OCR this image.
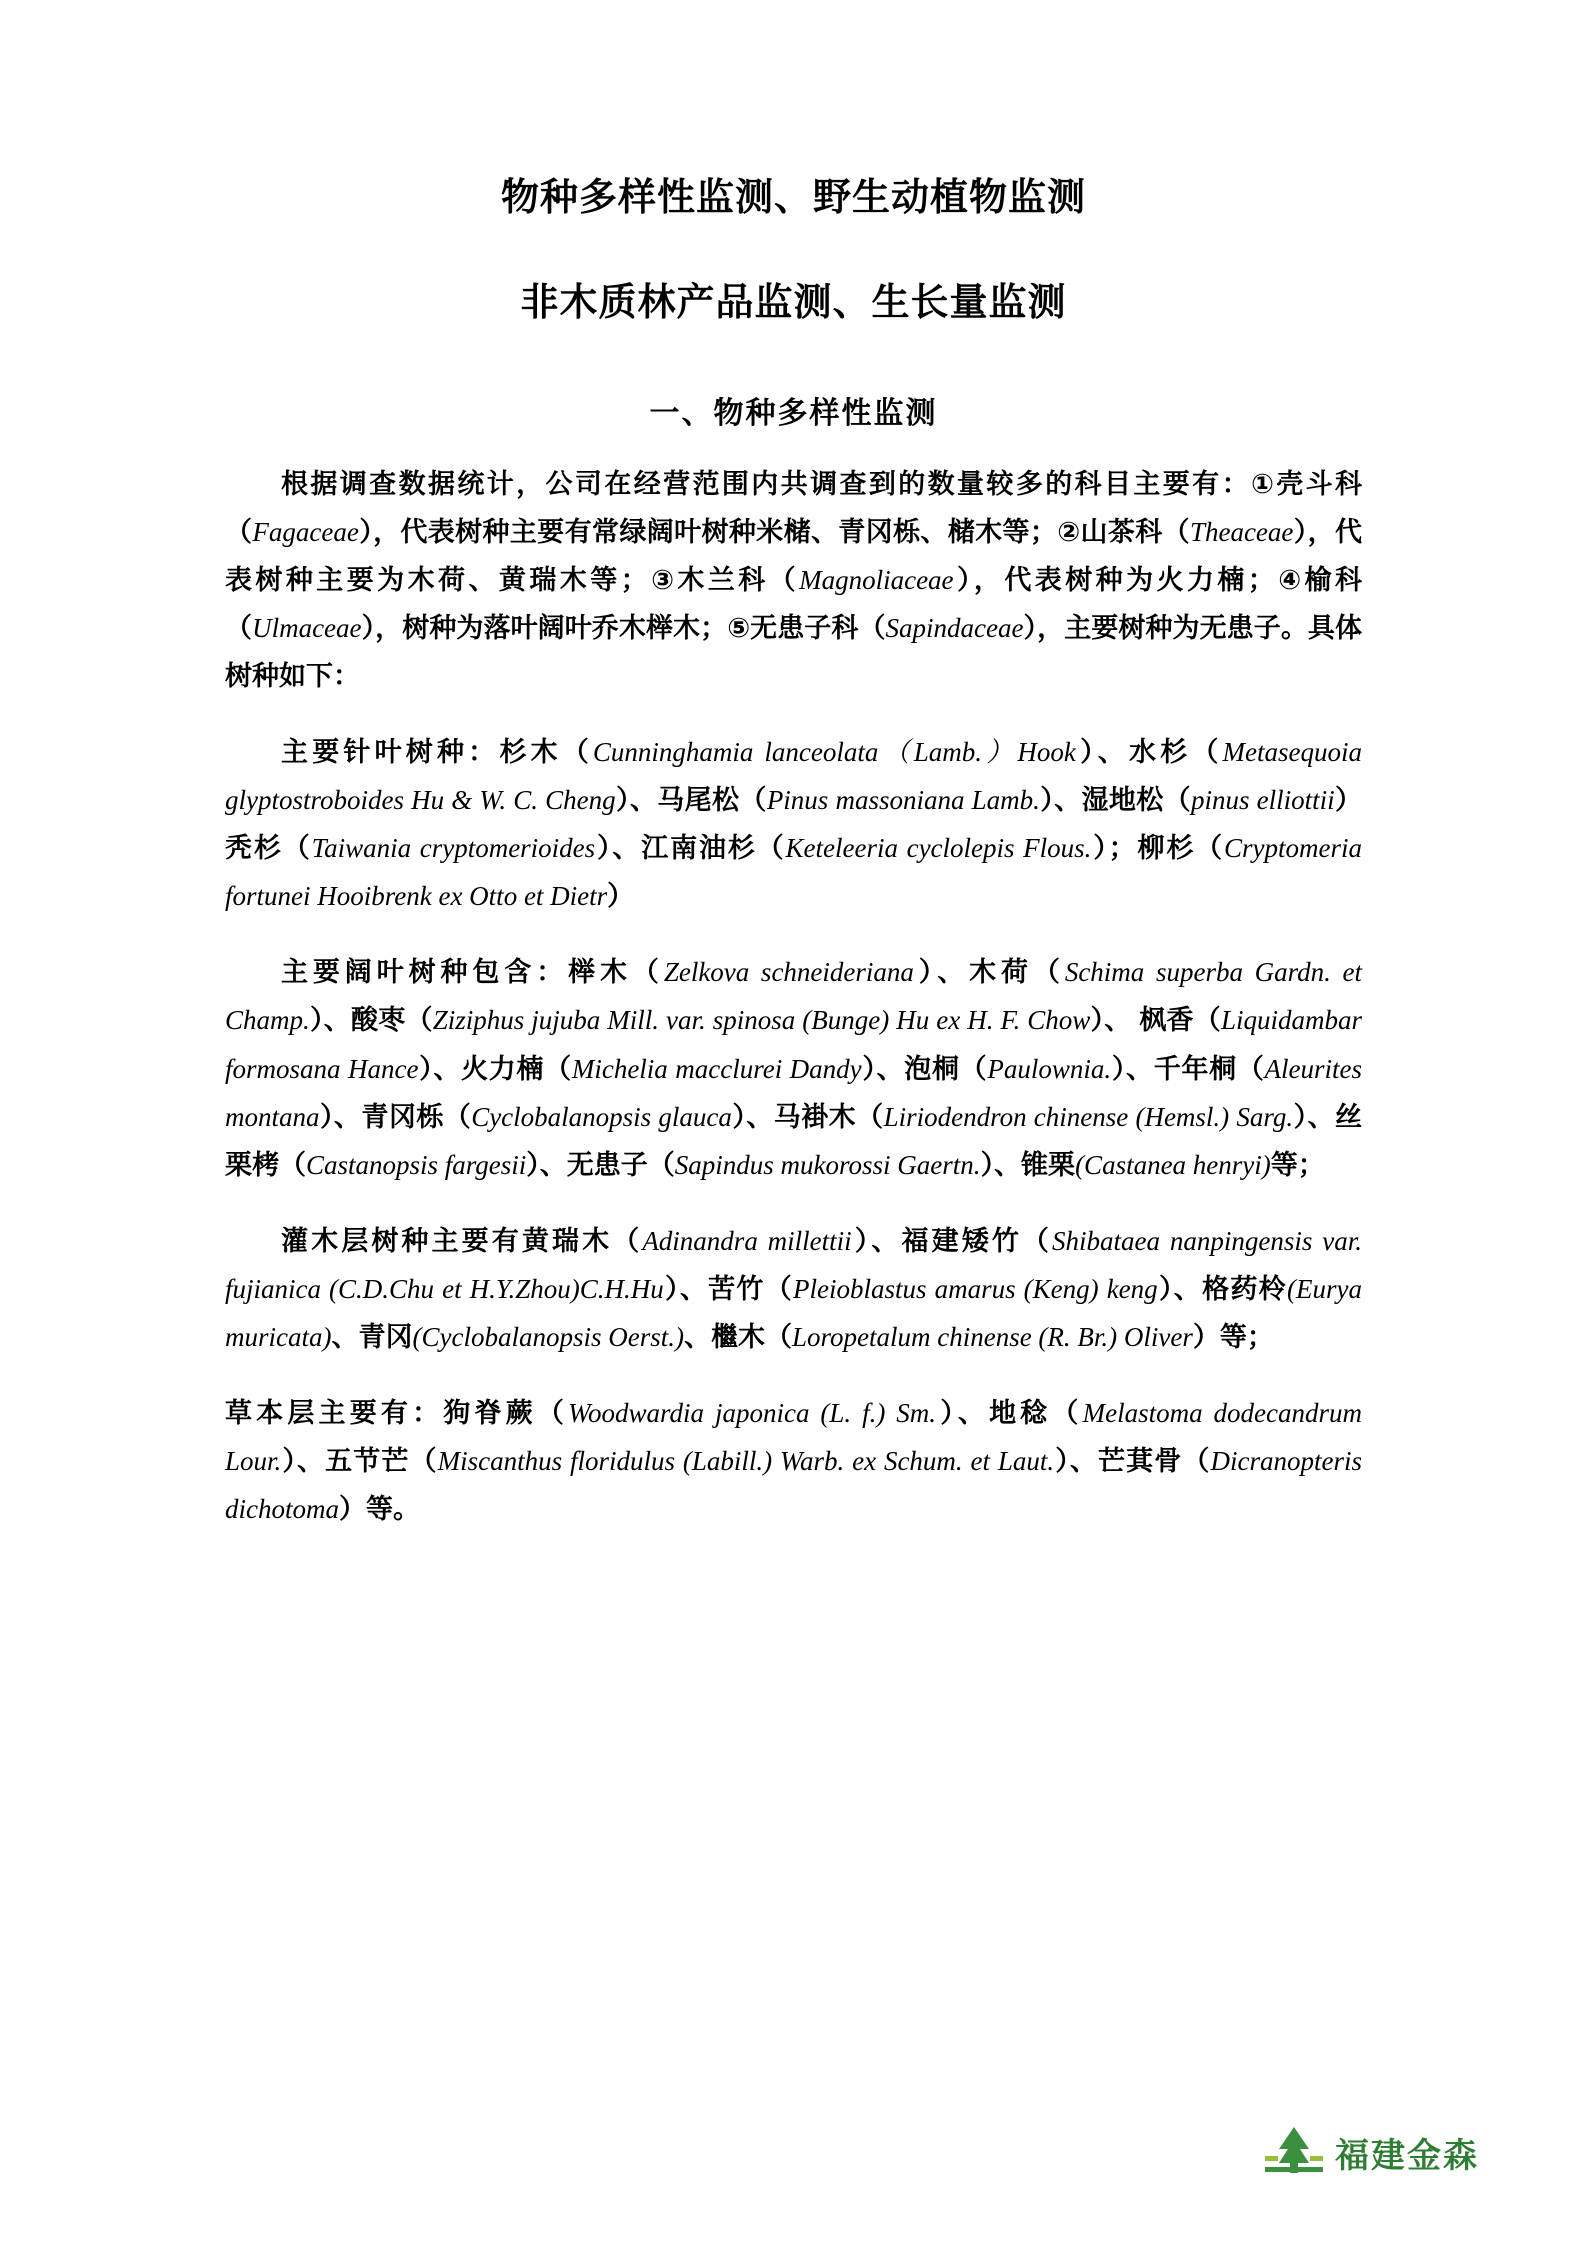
物种多样性监测、野生动植物监测
非木质林产品监测、生长量监测
一、物种多样性监测

根据调查数据统计，公司在经营范围内共调查到的数量较多的科目主要有：①壳斗科（Fagaceae），代表树种主要有常绿阔叶树种米槠、青冈栎、槠木等；②山茶科（Theaceae），代表树种主要为木荷、黄瑞木等；③木兰科（Magnoliaceae），代表树种为火力楠；④榆科（Ulmaceae），树种为落叶阔叶乔木榉木；⑤无患子科（Sapindaceae），主要树种为无患子。具体树种如下：

主要针叶树种：杉木（Cunninghamia lanceolata（Lamb.）Hook）、水杉（Metasequoia glyptostroboides Hu & W. C. Cheng）、马尾松（Pinus massoniana Lamb.）、湿地松（pinus elliottii）秃杉（Taiwania cryptomerioides）、江南油杉（Keteleeria cyclolepis Flous.）；柳杉（Cryptomeria fortunei Hooibrenk ex Otto et Dietr）

主要阔叶树种包含：榉木（Zelkova schneideriana）、木荷（Schima superba Gardn. et Champ.）、酸枣（Ziziphus jujuba Mill. var. spinosa (Bunge) Hu ex H. F. Chow）、 枫香（Liquidambar formosana Hance）、火力楠（Michelia macclurei Dandy）、泡桐（Paulownia.）、千年桐（Aleurites montana）、青冈栎（Cyclobalanopsis glauca）、马褂木（Liriodendron chinense (Hemsl.) Sarg.）、丝栗栲（Castanopsis fargesii）、无患子（Sapindus mukorossi Gaertn.）、锥栗(Castanea henryi)等；

灌木层树种主要有黄瑞木（Adinandra millettii）、福建矮竹（Shibataea nanpingensis var. fujianica (C.D.Chu et H.Y.Zhou)C.H.Hu）、苦竹（Pleioblastus amarus (Keng) keng）、格药柃(Eurya muricata)、青冈(Cyclobalanopsis Oerst.)、檵木（Loropetalum chinense (R. Br.) Oliver）等；

草本层主要有：狗脊蕨（Woodwardia japonica (L. f.) Sm.）、地稔（Melastoma dodecandrum Lour.）、五节芒（Miscanthus floridulus (Labill.) Warb. ex Schum. et Laut.）、芒萁骨（Dicranopteris dichotoma）等。

福建金森
